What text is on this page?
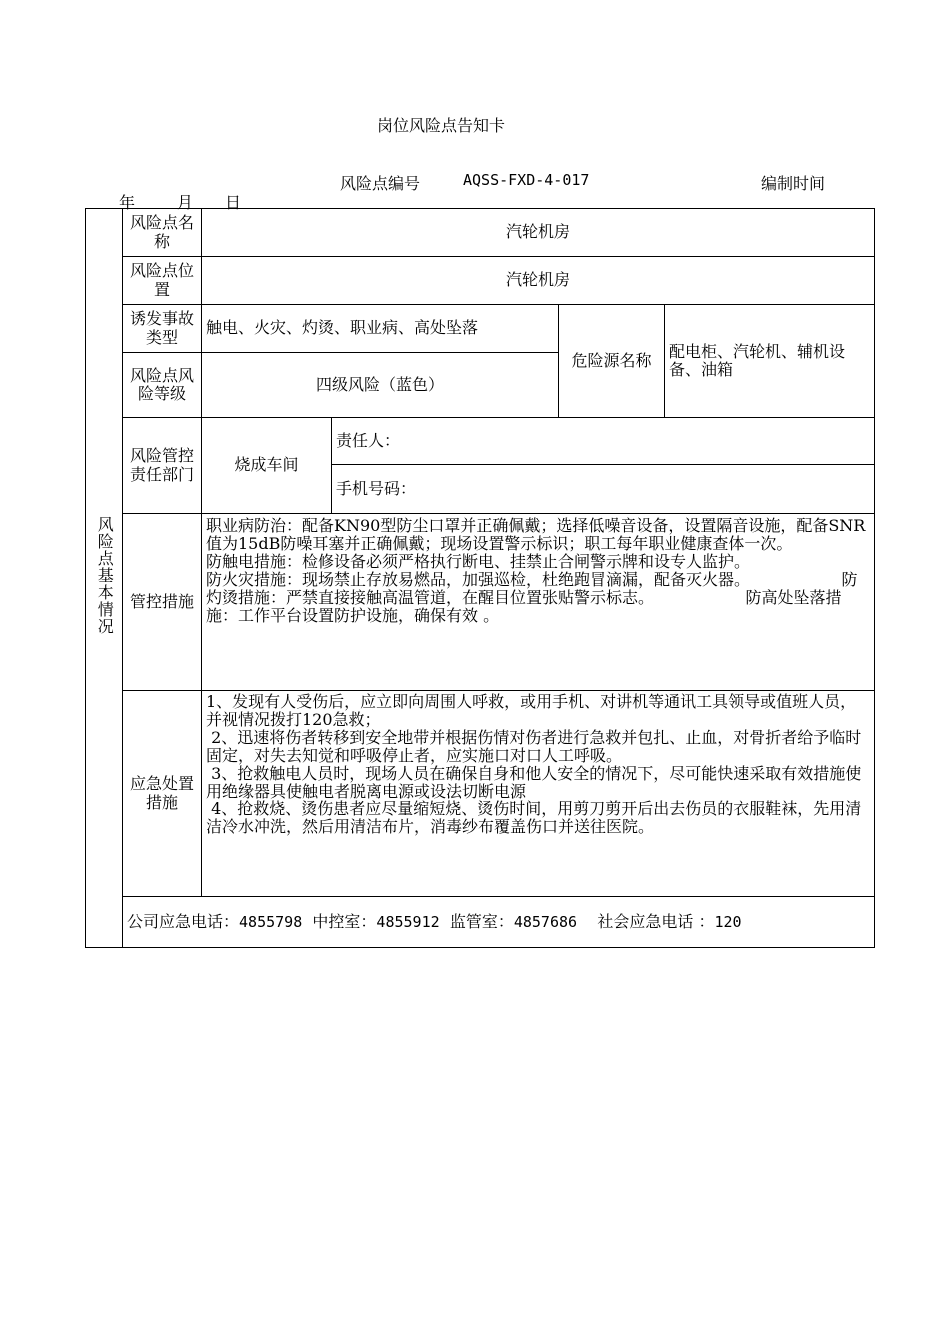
岗位风险点告知卡
风险点编号	AQSS-FXD-4-017	编制时间
年	月 日
风险点基本情况	风险点名称	汽轮机房			
	风险点位置	汽轮机房			
	诱发事故类型	触电、火灾、灼烫、职业病、高处坠落		危险源名称	配电柜、汽轮机、辅机设备、油箱
	风险点风险等级	四级风险（蓝色）			
	风险管控责任部门	烧成车间	责任人：		
			手机号码：		
	管控措施	职业病防治：配备KN90型防尘口罩并正确佩戴；选择低噪音设备，设置隔音设施，配备SNR值为15dB防噪耳塞并正确佩戴；现场设置警示标识；职工每年职业健康查体一次。

防触电措施：检修设备必须严格执行断电、挂禁止合闸警示牌和设专人监护。                        防火灾措施：现场禁止存放易燃品，加强巡检，杜绝跑冒滴漏，配备灭火器。                  防灼烫措施：严禁直接接触高温管道，在醒目位置张贴警示标志。                  防高处坠落措施：工作平台设置防护设施，确保有效 。			

	应急处置措施	1、发现有人受伤后，应立即向周围人呼救，或用手机、对讲机等通讯工具领导或值班人员，并视情况拨打120急救；

2、迅速将伤者转移到安全地带并根据伤情对伤者进行急救并包扎、止血，对骨折者给予临时固定，对失去知觉和呼吸停止者，应实施口对口人工呼吸。

3、抢救触电人员时，现场人员在确保自身和他人安全的情况下，尽可能快速采取有效措施使用绝缘器具使触电者脱离电源或设法切断电源

4、抢救烧、烫伤患者应尽量缩短烧、烫伤时间，用剪刀剪开后出去伤员的衣服鞋袜，先用清洁冷水冲洗，然后用清洁布片，消毒纱布覆盖伤口并送往医院。			

	公司应急电话：4855798 中控室：4855912 监管室：4857686 社会应急电话 ：120				
